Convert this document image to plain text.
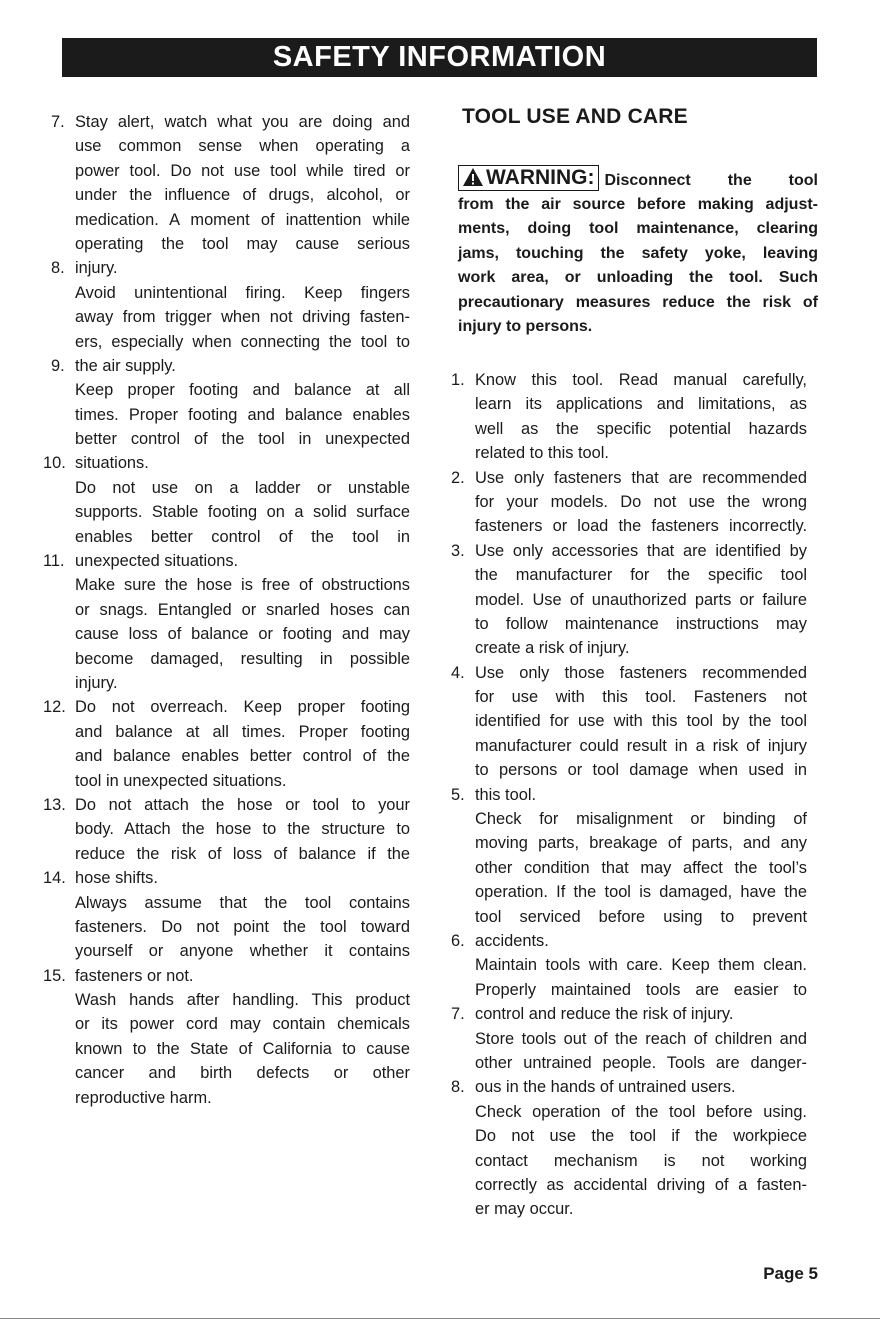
SAFETY INFORMATION
7. Stay alert, watch what you are doing and
use common sense when operating a
power tool. Do not use tool while tired or
under the influence of drugs, alcohol, or
medication. A moment of inattention while
operating the tool may cause serious
8. injury.
Avoid unintentional firing. Keep fingers
away from trigger when not driving fasten-
ers, especially when connecting the tool to
9. the air supply.
Keep proper footing and balance at all
times. Proper footing and balance enables
better control of the tool in unexpected
10. situations.
Do not use on a ladder or unstable
supports. Stable footing on a solid surface
enables better control of the tool in
11. unexpected situations.
Make sure the hose is free of obstructions
or snags. Entangled or snarled hoses can
cause loss of balance or footing and may
become damaged, resulting in possible
injury.
12. Do not overreach. Keep proper footing
and balance at all times. Proper footing
and balance enables better control of the
tool in unexpected situations.
13. Do not attach the hose or tool to your
body. Attach the hose to the structure to
reduce the risk of loss of balance if the
14. hose shifts.
Always assume that the tool contains
fasteners. Do not point the tool toward
yourself or anyone whether it contains
15. fasteners or not.
Wash hands after handling. This product
or its power cord may contain chemicals
known to the State of California to cause
cancer and birth defects or other
reproductive harm.
TOOL USE AND CARE
WARNING: Disconnect the tool
from the air source before making adjust-
ments, doing tool maintenance, clearing
jams, touching the safety yoke, leaving
work area, or unloading the tool. Such
precautionary measures reduce the risk of
injury to persons.
1. Know this tool. Read manual carefully,
learn its applications and limitations, as
well as the specific potential hazards
related to this tool.
2. Use only fasteners that are recommended
for your models. Do not use the wrong
fasteners or load the fasteners incorrectly.
3. Use only accessories that are identified by
the manufacturer for the specific tool
model. Use of unauthorized parts or failure
to follow maintenance instructions may
create a risk of injury.
4. Use only those fasteners recommended
for use with this tool. Fasteners not
identified for use with this tool by the tool
manufacturer could result in a risk of injury
to persons or tool damage when used in
5. this tool.
Check for misalignment or binding of
moving parts, breakage of parts, and any
other condition that may affect the tool’s
operation. If the tool is damaged, have the
tool serviced before using to prevent
6. accidents.
Maintain tools with care. Keep them clean.
Properly maintained tools are easier to
7. control and reduce the risk of injury.
Store tools out of the reach of children and
other untrained people. Tools are danger-
8. ous in the hands of untrained users.
Check operation of the tool before using.
Do not use the tool if the workpiece
contact mechanism is not working
correctly as accidental driving of a fasten-
er may occur.
Page 5
